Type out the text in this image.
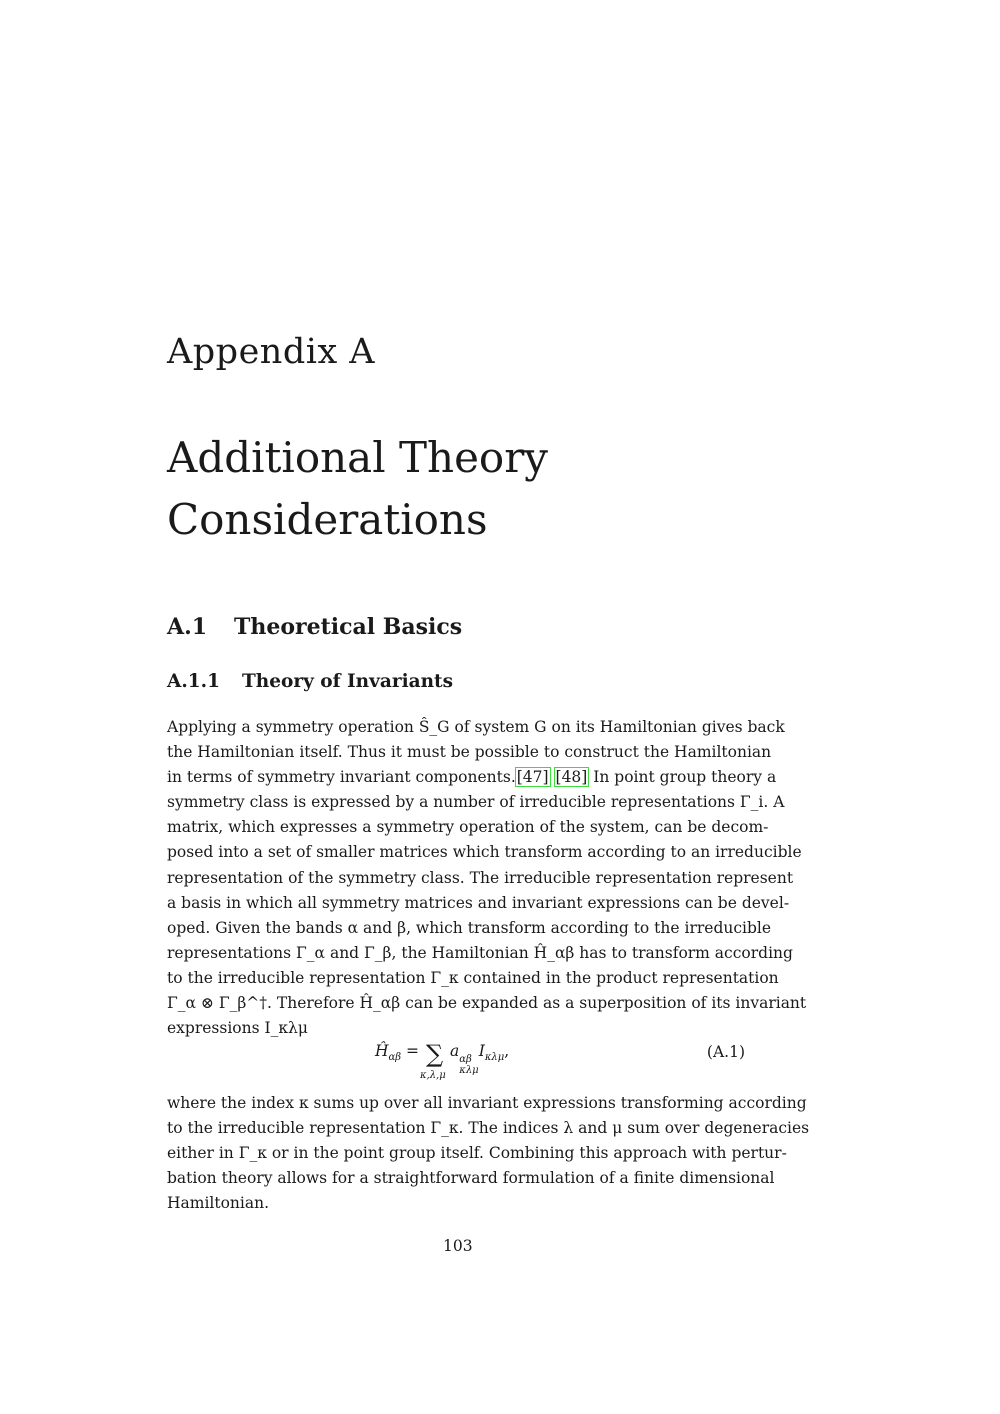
Appendix A
Additional Theory
Considerations
A.1 Theoretical Basics
A.1.1 Theory of Invariants
Applying a symmetry operation Ŝ_G of system G on its Hamiltonian gives back
the Hamiltonian itself. Thus it must be possible to construct the Hamiltonian
in terms of symmetry invariant components.[47] [48] In point group theory a
symmetry class is expressed by a number of irreducible representations Γ_i. A
matrix, which expresses a symmetry operation of the system, can be decom-
posed into a set of smaller matrices which transform according to an irreducible
representation of the symmetry class. The irreducible representation represent
a basis in which all symmetry matrices and invariant expressions can be devel-
oped. Given the bands α and β, which transform according to the irreducible
representations Γ_α and Γ_β, the Hamiltonian Ĥ_αβ has to transform according
to the irreducible representation Γ_κ contained in the product representation
Γ_α ⊗ Γ_β^†. Therefore Ĥ_αβ can be expanded as a superposition of its invariant
expressions I_κλμ
$Ĥ_{\alpha\beta}$ = ∑
κ,λ,μ
a αβ
κλμ
$I_{\kappa\lambda\mu}$,	(A.1)
where the index κ sums up over all invariant expressions transforming according
to the irreducible representation Γ_κ. The indices λ and μ sum over degeneracies
either in Γ_κ or in the point group itself. Combining this approach with pertur-
bation theory allows for a straightforward formulation of a finite dimensional
Hamiltonian.
103
